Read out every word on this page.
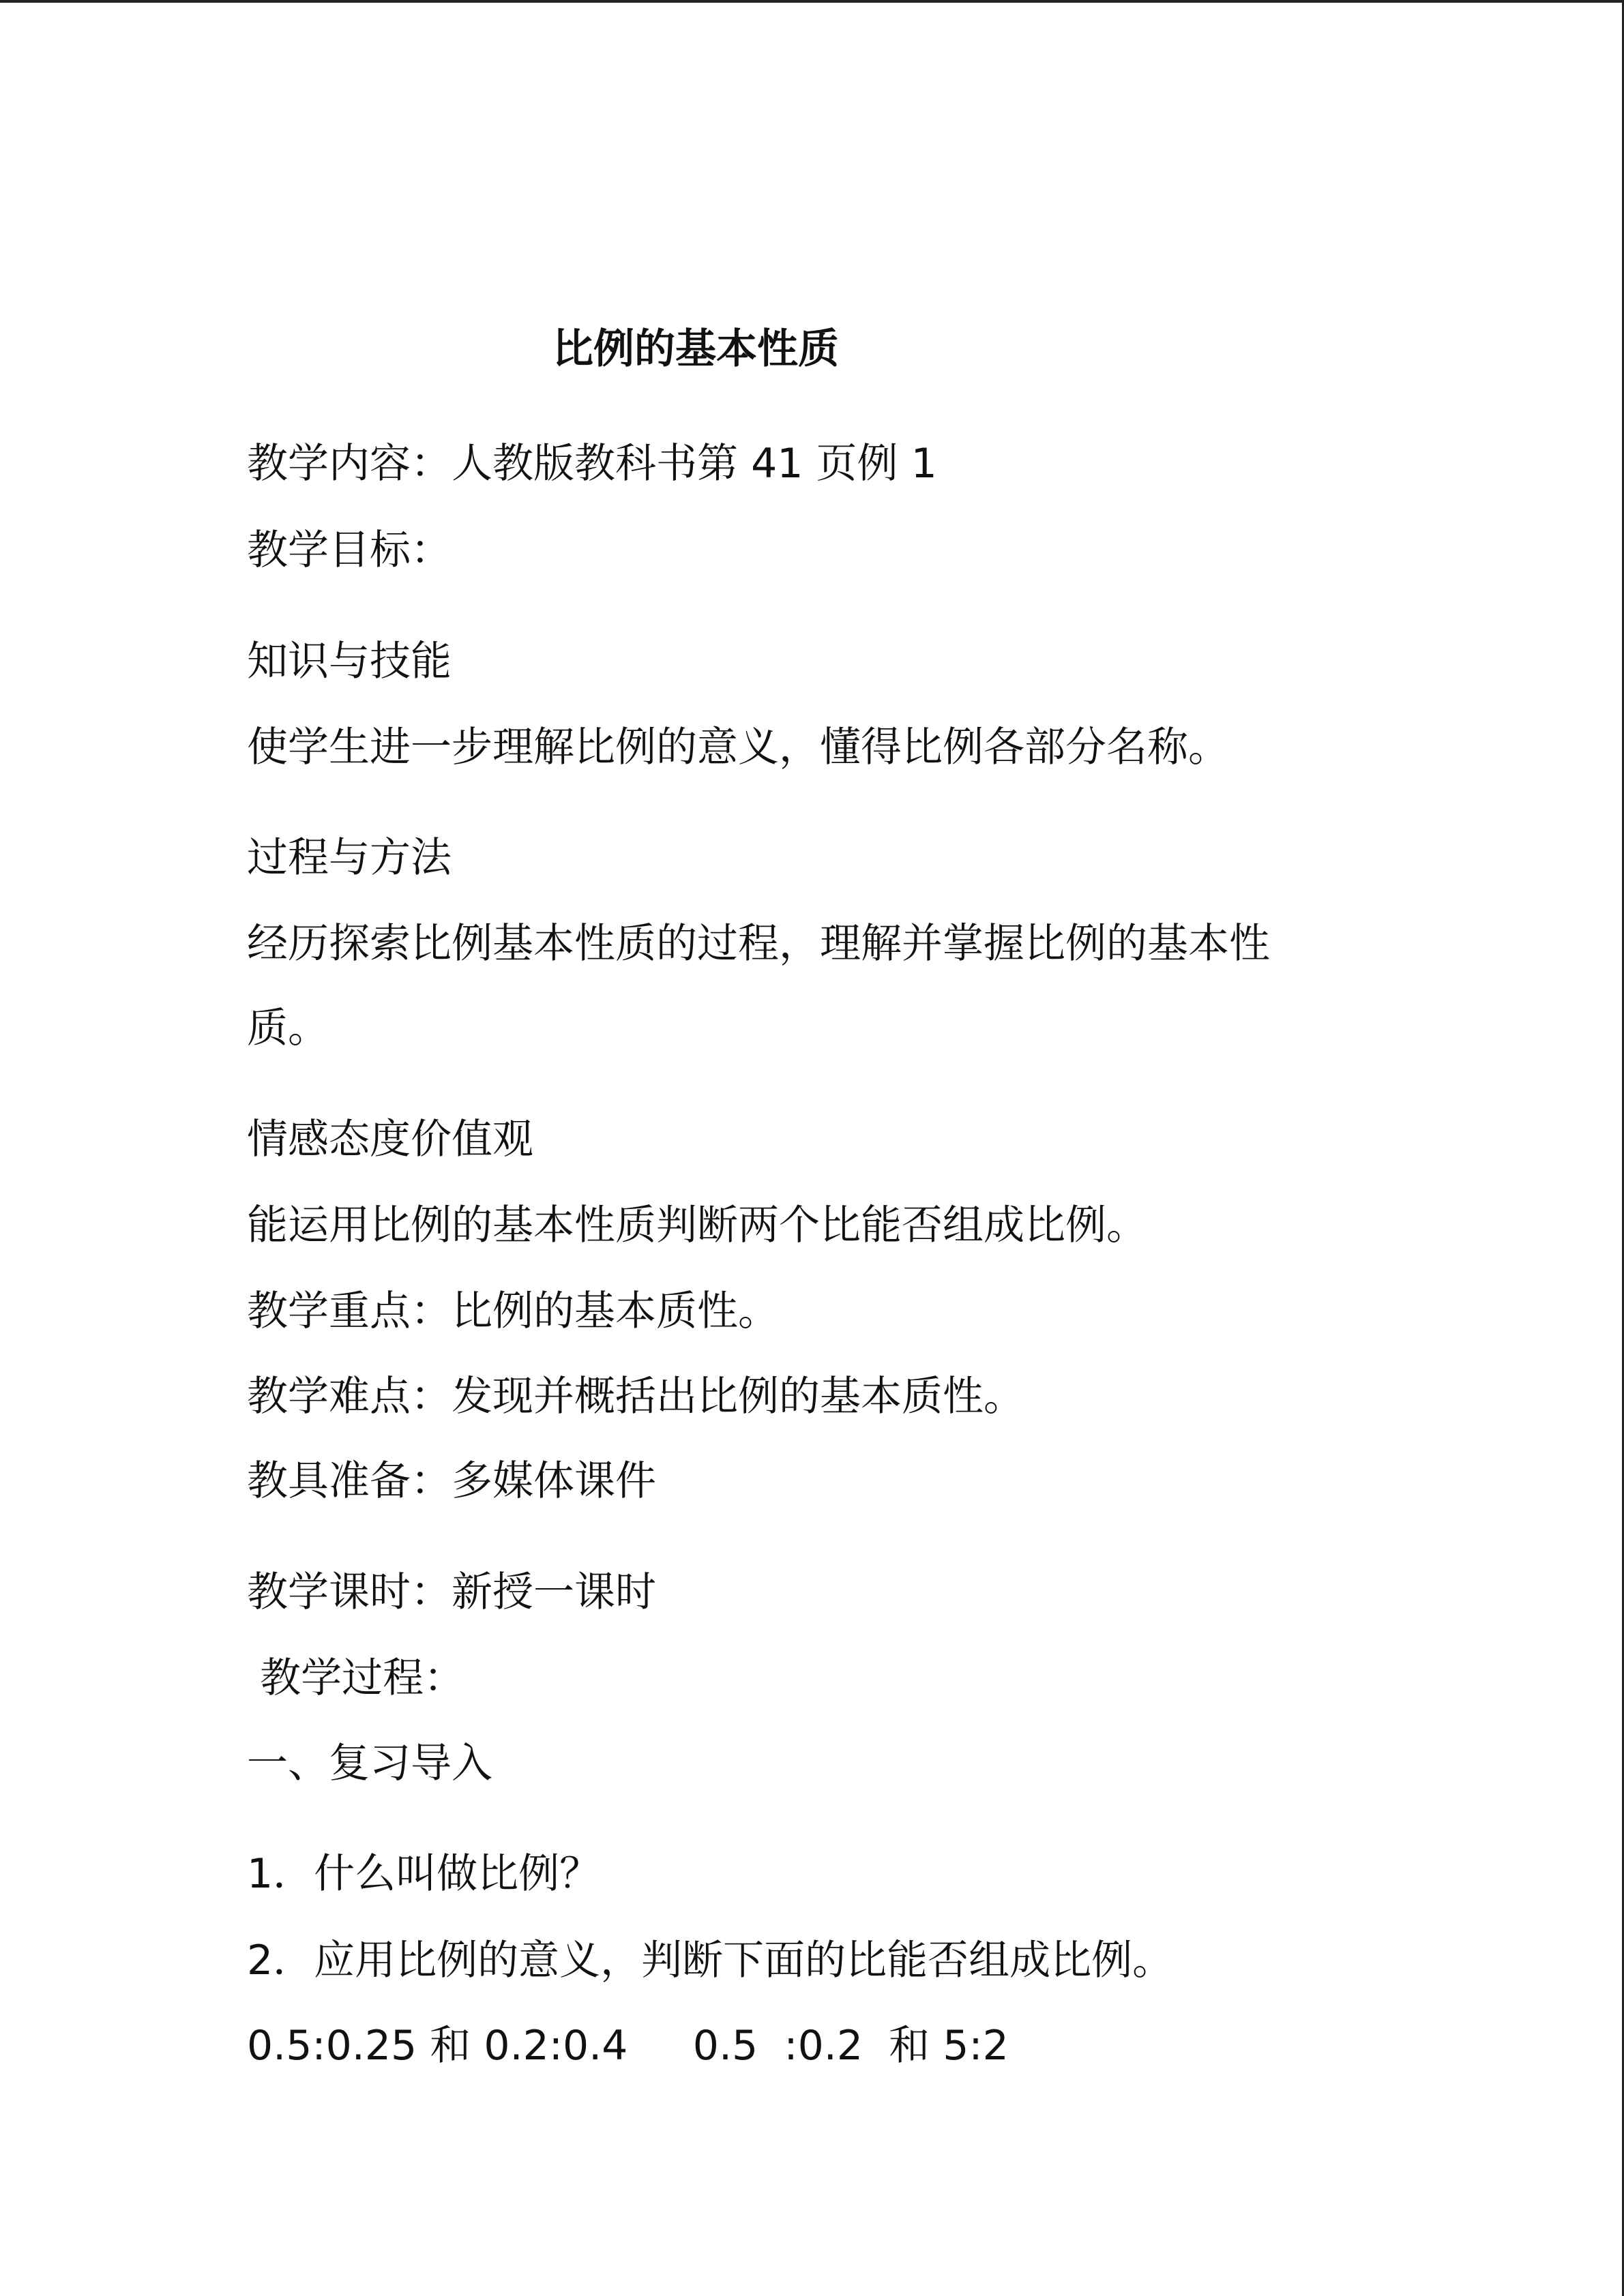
比例的基本性质
教学内容：人教版教科书第 41 页例 1
教学目标：
知识与技能
使学生进一步理解比例的意义，懂得比例各部分名称。
过程与方法
经历探索比例基本性质的过程，理解并掌握比例的基本性
质。
情感态度价值观
能运用比例的基本性质判断两个比能否组成比例。
教学重点：比例的基本质性。
教学难点：发现并概括出比例的基本质性。
教具准备：多媒体课件
教学课时：新授一课时
教学过程：
一、复习导入
1．什么叫做比例？
2．应用比例的意义，判断下面的比能否组成比例。
0.5:0.25 和 0.2:0.4     0.5  :0.2  和 5:2
